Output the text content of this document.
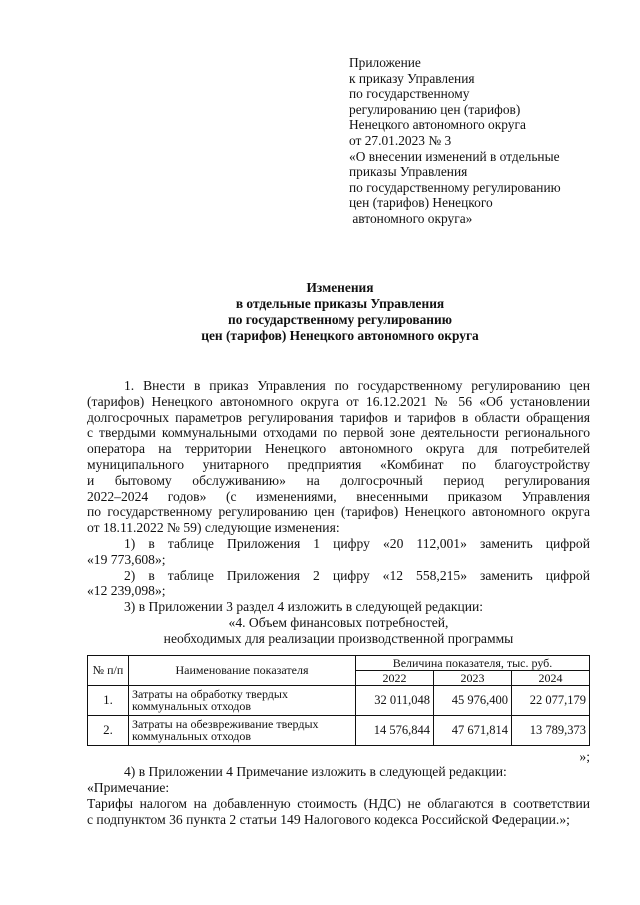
Приложение
к приказу Управления
по государственному
регулированию цен (тарифов)
Ненецкого автономного округа
от 27.01.2023 № 3
«О внесении изменений в отдельные
приказы Управления
по государственному регулированию
цен (тарифов) Ненецкого
автономного округа»
Изменения
в отдельные приказы Управления
по государственному регулированию
цен (тарифов) Ненецкого автономного округа
1. Внести в приказ Управления по государственному регулированию цен
(тарифов) Ненецкого автономного округа от 16.12.2021 № 56 «Об установлении
долгосрочных параметров регулирования тарифов и тарифов в области обращения
с твердыми коммунальными отходами по первой зоне деятельности регионального
оператора на территории Ненецкого автономного округа для потребителей
муниципального унитарного предприятия «Комбинат по благоустройству
и бытовому обслуживанию» на долгосрочный период регулирования
2022–2024 годов» (с изменениями, внесенными приказом Управления
по государственному регулированию цен (тарифов) Ненецкого автономного округа
от 18.11.2022 № 59) следующие изменения:
1) в таблице Приложения 1 цифру «20 112,001» заменить цифрой
«19 773,608»;
2) в таблице Приложения 2 цифру «12 558,215» заменить цифрой
«12 239,098»;
3) в Приложении 3 раздел 4 изложить в следующей редакции:
«4. Объем финансовых потребностей,
необходимых для реализации производственной программы
№ п/п	Наименование показателя	Величина показателя, тыс. руб.		
		2022	2023	2024
1.	Затраты на обработку твердых коммунальных отходов	32 011,048	45 976,400	22 077,179
2.	Затраты на обезвреживание твердых коммунальных отходов	14 576,844	47 671,814	13 789,373
»;
4) в Приложении 4 Примечание изложить в следующей редакции:
«Примечание:
Тарифы налогом на добавленную стоимость (НДС) не облагаются в соответствии
с подпунктом 36 пункта 2 статьи 149 Налогового кодекса Российской Федерации.»;
